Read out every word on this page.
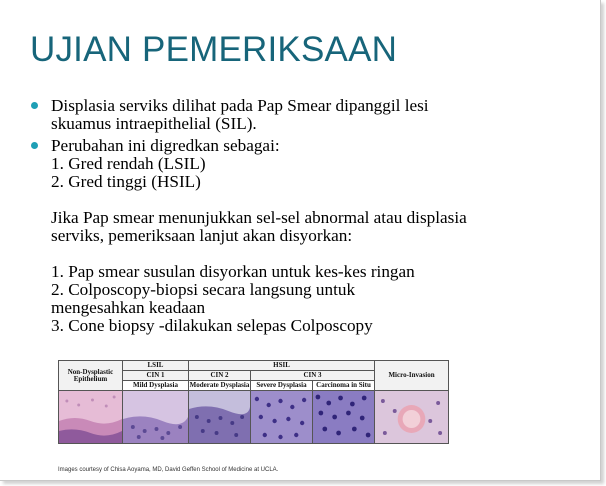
UJIAN PEMERIKSAAN
Displasia serviks dilihat pada Pap Smear dipanggil lesi
skuamus intraepithelial (SIL).
Perubahan ini digredkan sebagai:
1. Gred rendah (LSIL)
2. Gred tinggi (HSIL)
Jika Pap smear menunjukkan sel-sel abnormal atau displasia
serviks, pemeriksaan lanjut akan disyorkan:
1. Pap smear susulan disyorkan untuk kes-kes ringan
2. Colposcopy-biopsi secara langsung untuk
mengesahkan keadaan
3. Cone biopsy -dilakukan selepas Colposcopy
Non-Dysplastic Epithelium	LSIL	HSIL			Micro-Invasion
	CIN 1	CIN 2	CIN 3		
	Mild Dysplasia	Moderate Dysplasia	Severe Dysplasia	Carcinoma in Situ	

Images courtesy of Chisa Aoyama, MD, David Geffen School of Medicine at UCLA.
